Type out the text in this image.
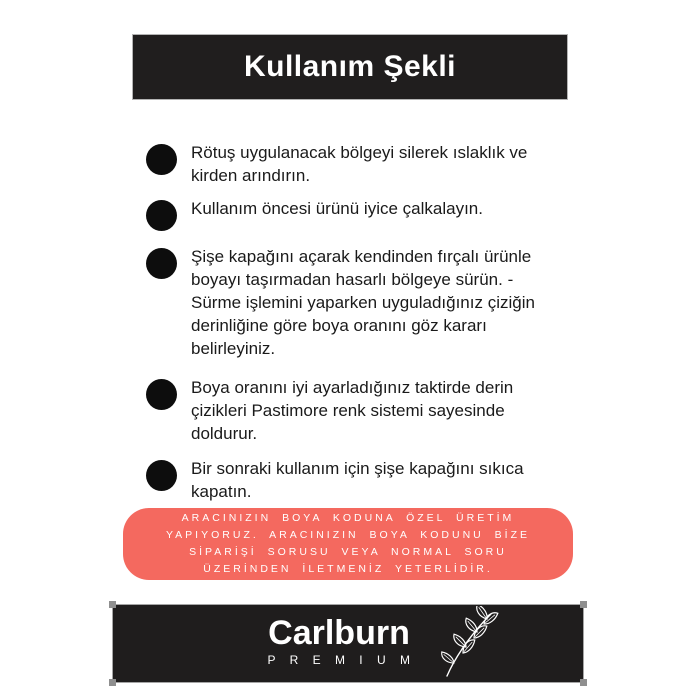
Kullanım Şekli
Rötuş uygulanacak bölgeyi silerek ıslaklık ve
kirden arındırın.
Kullanım öncesi ürünü iyice çalkalayın.
Şişe kapağını açarak kendinden fırçalı ürünle
boyayı taşırmadan hasarlı bölgeye sürün. -
Sürme işlemini yaparken uyguladığınız çiziğin
derinliğine göre boya oranını göz kararı
belirleyiniz.
Boya oranını iyi ayarladığınız taktirde derin
çizikleri Pastimore renk sistemi sayesinde
doldurur.
Bir sonraki kullanım için şişe kapağını sıkıca
kapatın.
ARACINIZIN BOYA KODUNA ÖZEL ÜRETİM
YAPIYORUZ. ARACINIZIN BOYA KODUNU BİZE
SİPARİŞİ SORUSU VEYA NORMAL SORU
ÜZERİNDEN İLETMENİZ YETERLİDİR.
Carlburn
P R E M I U M
